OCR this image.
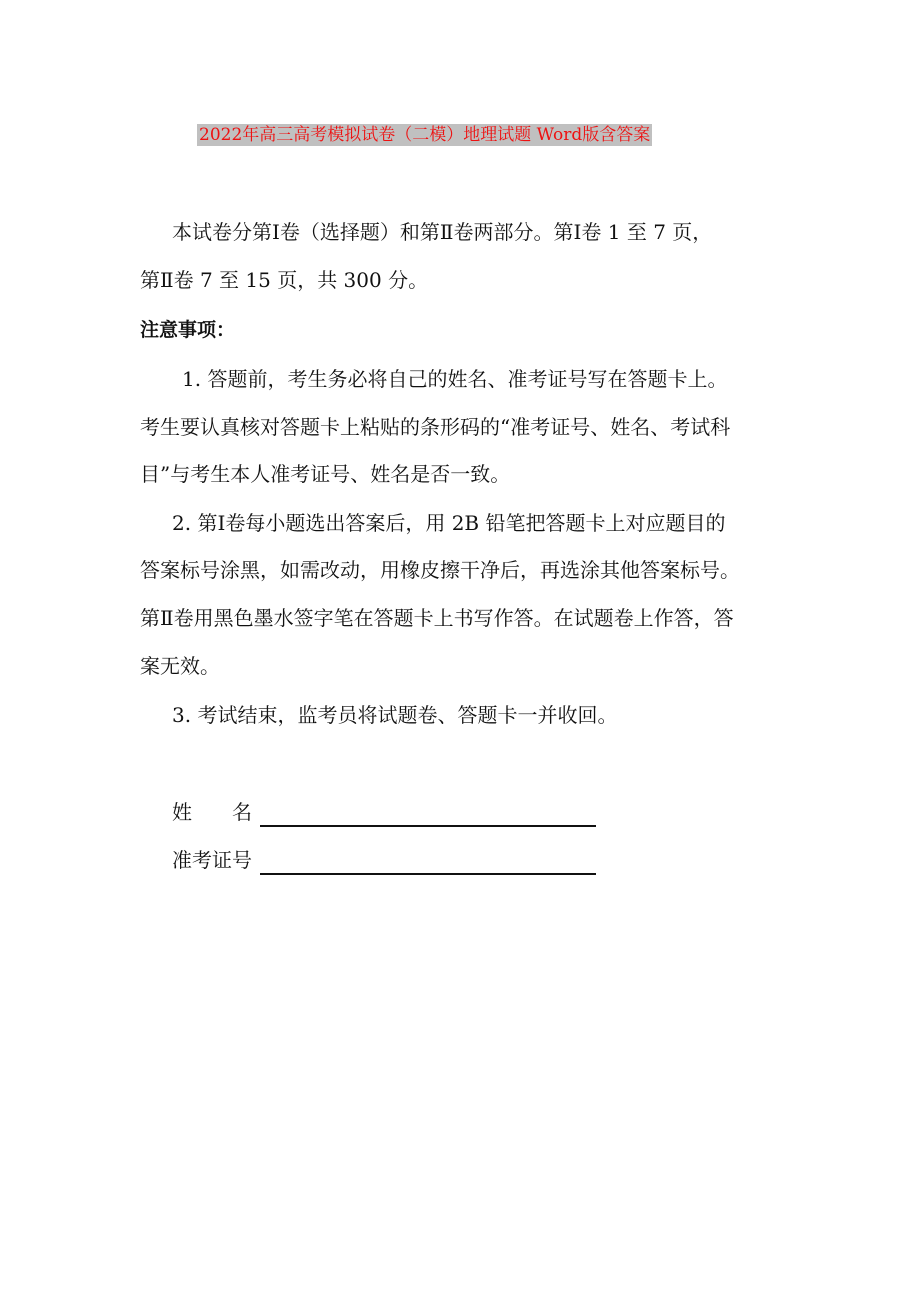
2022年高三高考模拟试卷（二模）地理试题 Word版含答案
本试卷分第Ⅰ卷（选择题）和第Ⅱ卷两部分。第Ⅰ卷 1 至 7 页，
第Ⅱ卷 7 至 15 页，共 300 分。
注意事项：
1. 答题前，考生务必将自己的姓名、准考证号写在答题卡上。
考生要认真核对答题卡上粘贴的条形码的“准考证号、姓名、考试科
目”与考生本人准考证号、姓名是否一致。
2. 第Ⅰ卷每小题选出答案后，用 2B 铅笔把答题卡上对应题目的
答案标号涂黑，如需改动，用橡皮擦干净后，再选涂其他答案标号。
第Ⅱ卷用黑色墨水签字笔在答题卡上书写作答。在试题卷上作答，答
案无效。
3. 考试结束，监考员将试题卷、答题卡一并收回。
姓　　名
准考证号
